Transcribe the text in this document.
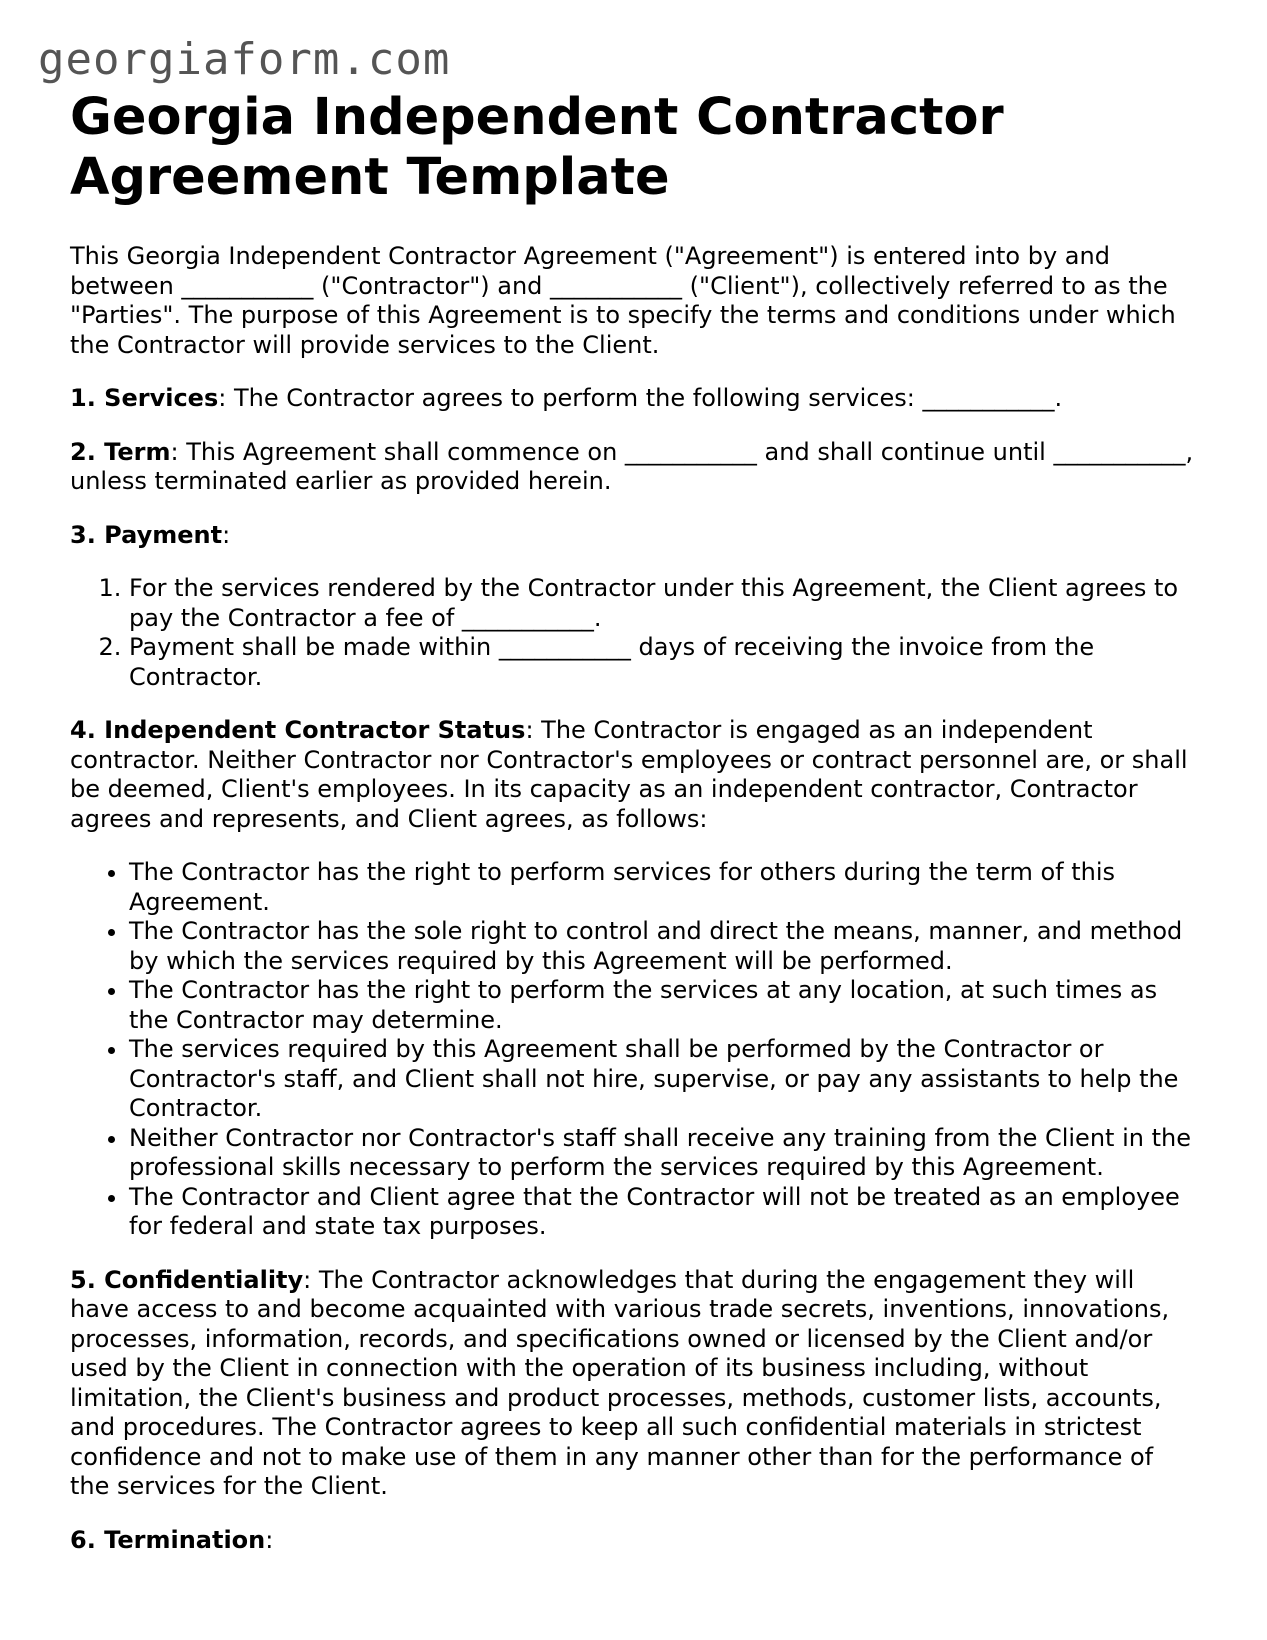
georgiaform.com
Georgia Independent Contractor Agreement Template

This Georgia Independent Contractor Agreement ("Agreement") is entered into by and between ___________ ("Contractor") and ___________ ("Client"), collectively referred to as the "Parties". The purpose of this Agreement is to specify the terms and conditions under which the Contractor will provide services to the Client.

1. Services: The Contractor agrees to perform the following services: ___________.

2. Term: This Agreement shall commence on ___________ and shall continue until ___________, unless terminated earlier as provided herein.

3. Payment:

1. For the services rendered by the Contractor under this Agreement, the Client agrees to pay the Contractor a fee of ___________.
2. Payment shall be made within ___________ days of receiving the invoice from the Contractor.

4. Independent Contractor Status: The Contractor is engaged as an independent contractor. Neither Contractor nor Contractor's employees or contract personnel are, or shall be deemed, Client's employees. In its capacity as an independent contractor, Contractor agrees and represents, and Client agrees, as follows:

• The Contractor has the right to perform services for others during the term of this Agreement.
• The Contractor has the sole right to control and direct the means, manner, and method by which the services required by this Agreement will be performed.
• The Contractor has the right to perform the services at any location, at such times as the Contractor may determine.
• The services required by this Agreement shall be performed by the Contractor or Contractor's staff, and Client shall not hire, supervise, or pay any assistants to help the Contractor.
• Neither Contractor nor Contractor's staff shall receive any training from the Client in the professional skills necessary to perform the services required by this Agreement.
• The Contractor and Client agree that the Contractor will not be treated as an employee for federal and state tax purposes.

5. Confidentiality: The Contractor acknowledges that during the engagement they will have access to and become acquainted with various trade secrets, inventions, innovations, processes, information, records, and specifications owned or licensed by the Client and/or used by the Client in connection with the operation of its business including, without limitation, the Client's business and product processes, methods, customer lists, accounts, and procedures. The Contractor agrees to keep all such confidential materials in strictest confidence and not to make use of them in any manner other than for the performance of the services for the Client.

6. Termination:
